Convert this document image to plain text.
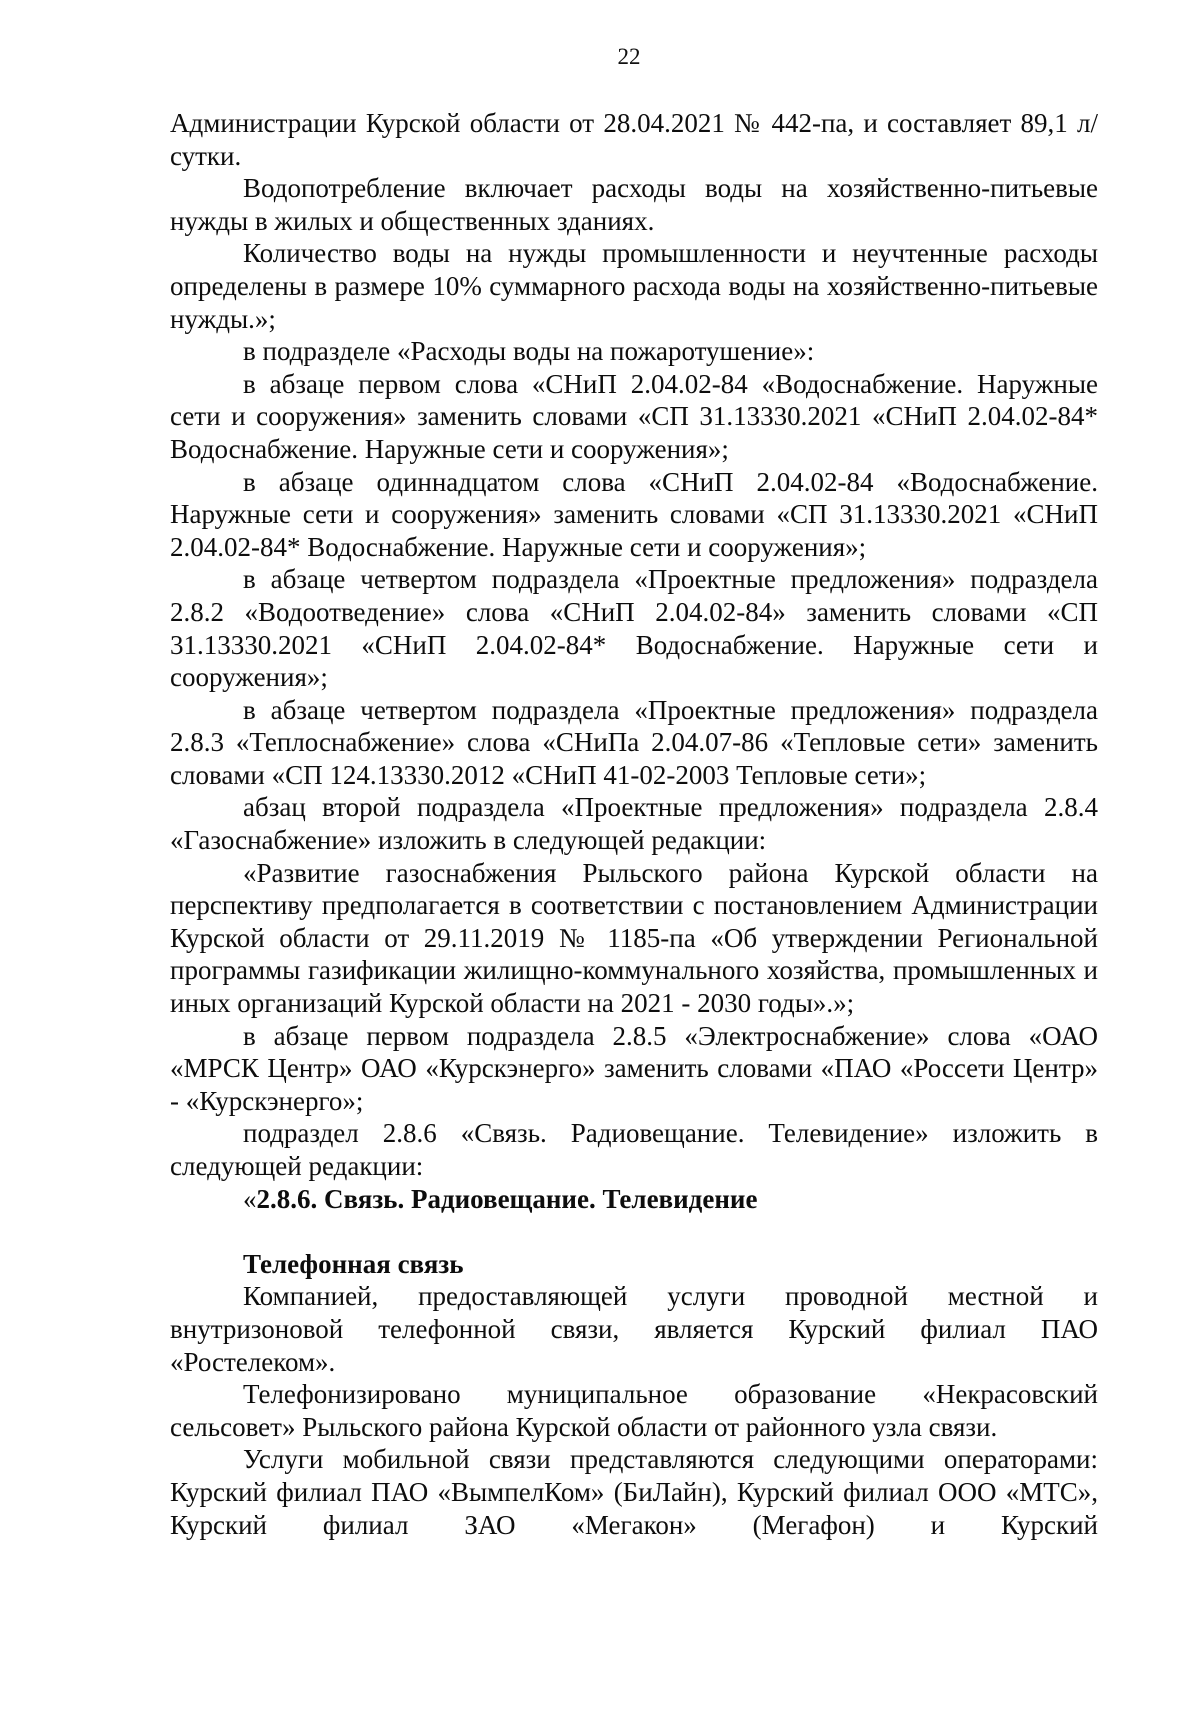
22

Администрации Курской области от 28.04.2021 № 442-па, и составляет 89,1 л/сутки.

Водопотребление включает расходы воды на хозяйственно-питьевые нужды в жилых и общественных зданиях.

Количество воды на нужды промышленности и неучтенные расходы определены в размере 10% суммарного расхода воды на хозяйственно-питьевые нужды.»;

в подразделе «Расходы воды на пожаротушение»:

в абзаце первом слова «СНиП 2.04.02-84 «Водоснабжение. Наружные сети и сооружения» заменить словами «СП 31.13330.2021 «СНиП 2.04.02-84* Водоснабжение. Наружные сети и сооружения»;

в абзаце одиннадцатом слова «СНиП 2.04.02-84 «Водоснабжение. Наружные сети и сооружения» заменить словами «СП 31.13330.2021 «СНиП 2.04.02-84* Водоснабжение. Наружные сети и сооружения»;

в абзаце четвертом подраздела «Проектные предложения» подраздела 2.8.2 «Водоотведение» слова «СНиП 2.04.02-84» заменить словами «СП 31.13330.2021 «СНиП 2.04.02-84* Водоснабжение. Наружные сети и сооружения»;

в абзаце четвертом подраздела «Проектные предложения» подраздела 2.8.3 «Теплоснабжение» слова «СНиПа 2.04.07-86 «Тепловые сети» заменить словами «СП 124.13330.2012 «СНиП 41-02-2003 Тепловые сети»;

абзац второй подраздела «Проектные предложения» подраздела 2.8.4 «Газоснабжение» изложить в следующей редакции:

«Развитие газоснабжения Рыльского района Курской области на перспективу предполагается в соответствии с постановлением Администрации Курской области от 29.11.2019 № 1185-па «Об утверждении Региональной программы газификации жилищно-коммунального хозяйства, промышленных и иных организаций Курской области на 2021 - 2030 годы».»;

в абзаце первом подраздела 2.8.5 «Электроснабжение» слова «ОАО «МРСК Центр» ОАО «Курскэнерго» заменить словами «ПАО «Россети Центр» - «Курскэнерго»;

подраздел 2.8.6 «Связь. Радиовещание. Телевидение» изложить в следующей редакции:

«2.8.6. Связь. Радиовещание. Телевидение

Телефонная связь

Компанией, предоставляющей услуги проводной местной и внутризоновой телефонной связи, является Курский филиал ПАО «Ростелеком».

Телефонизировано муниципальное образование «Некрасовский сельсовет» Рыльского района Курской области от районного узла связи.

Услуги мобильной связи представляются следующими операторами: Курский филиал ПАО «ВымпелКом» (БиЛайн), Курский филиал ООО «МТС», Курский филиал ЗАО «Мегакон» (Мегафон) и Курский
